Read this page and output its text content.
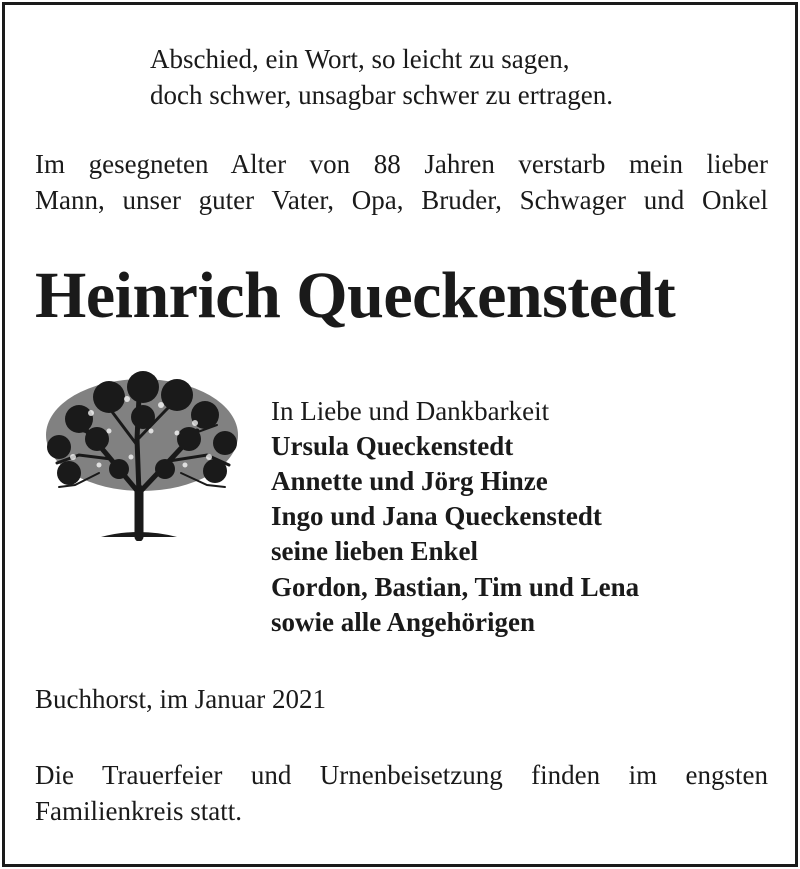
Abschied, ein Wort, so leicht zu sagen,
doch schwer, unsagbar schwer zu ertragen.
Im gesegneten Alter von 88 Jahren verstarb mein lieber
Mann, unser guter Vater, Opa, Bruder, Schwager und Onkel
Heinrich Queckenstedt
In Liebe und Dankbarkeit
Ursula Queckenstedt
Annette und Jörg Hinze
Ingo und Jana Queckenstedt
seine lieben Enkel
Gordon, Bastian, Tim und Lena
sowie alle Angehörigen
Buchhorst, im Januar 2021
Die Trauerfeier und Urnenbeisetzung finden im engsten
Familienkreis statt.
